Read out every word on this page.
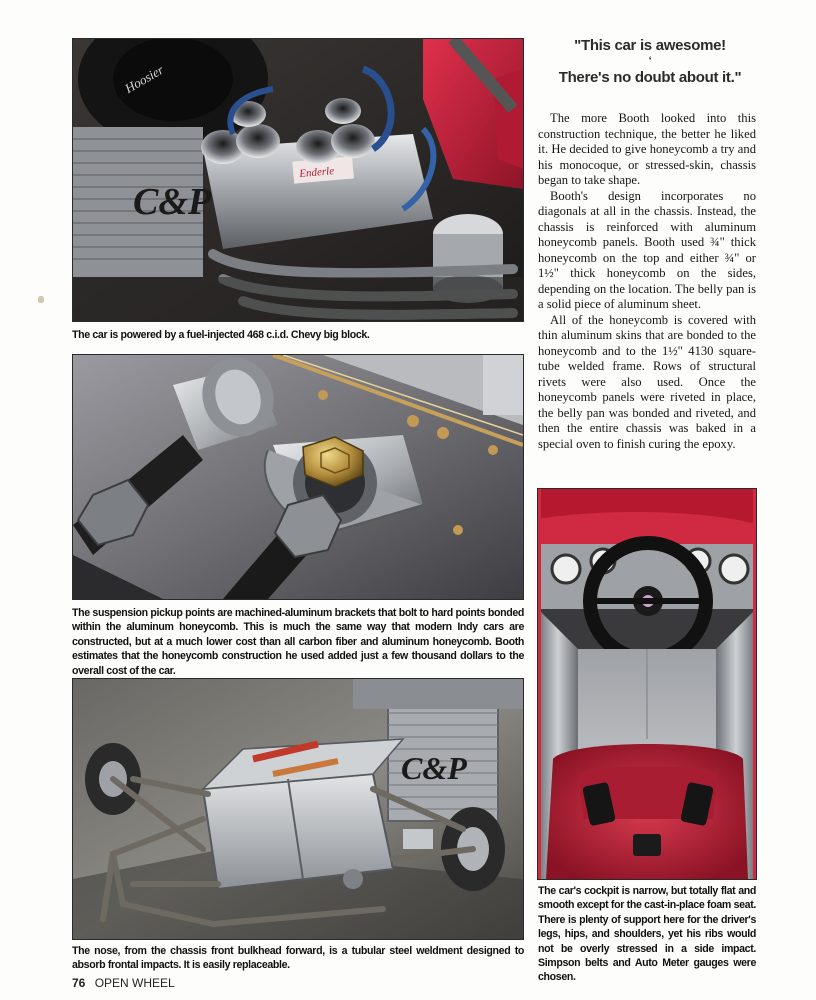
Hoosier
C&P
Enderle

The car is powered by a fuel-injected 468 c.i.d. Chevy big block.

The suspension pickup points are machined-aluminum brackets that bolt to hard points bonded within the aluminum honeycomb. This is much the same way that modern Indy cars are constructed, but at a much lower cost than all carbon fiber and aluminum honeycomb. Booth estimates that the honeycomb construction he used added just a few thousand dollars to the overall cost of the car.

C&P

The nose, from the chassis front bulkhead forward, is a tubular steel weldment designed to absorb frontal impacts. It is easily replaceable.

"This car is awesome!

‘

There's no doubt about it."

The more Booth looked into this construction technique, the better he liked it. He decided to give honeycomb a try and his monocoque, or stressed-skin, chassis began to take shape.

Booth's design incorporates no diagonals at all in the chassis. Instead, the chassis is reinforced with aluminum honeycomb panels. Booth used ¾" thick honeycomb on the top and either ¾" or 1½" thick honeycomb on the sides, depending on the location. The belly pan is a solid piece of aluminum sheet.

All of the honeycomb is covered with thin aluminum skins that are bonded to the honeycomb and to the 1½" 4130 square-tube welded frame. Rows of structural rivets were also used. Once the honeycomb panels were riveted in place, the belly pan was bonded and riveted, and then the entire chassis was baked in a special oven to finish curing the epoxy.

The car's cockpit is narrow, but totally flat and smooth except for the cast-in-place foam seat. There is plenty of support here for the driver's legs, hips, and shoulders, yet his ribs would not be overly stressed in a side impact. Simpson belts and Auto Meter gauges were chosen.

76 OPEN WHEEL
